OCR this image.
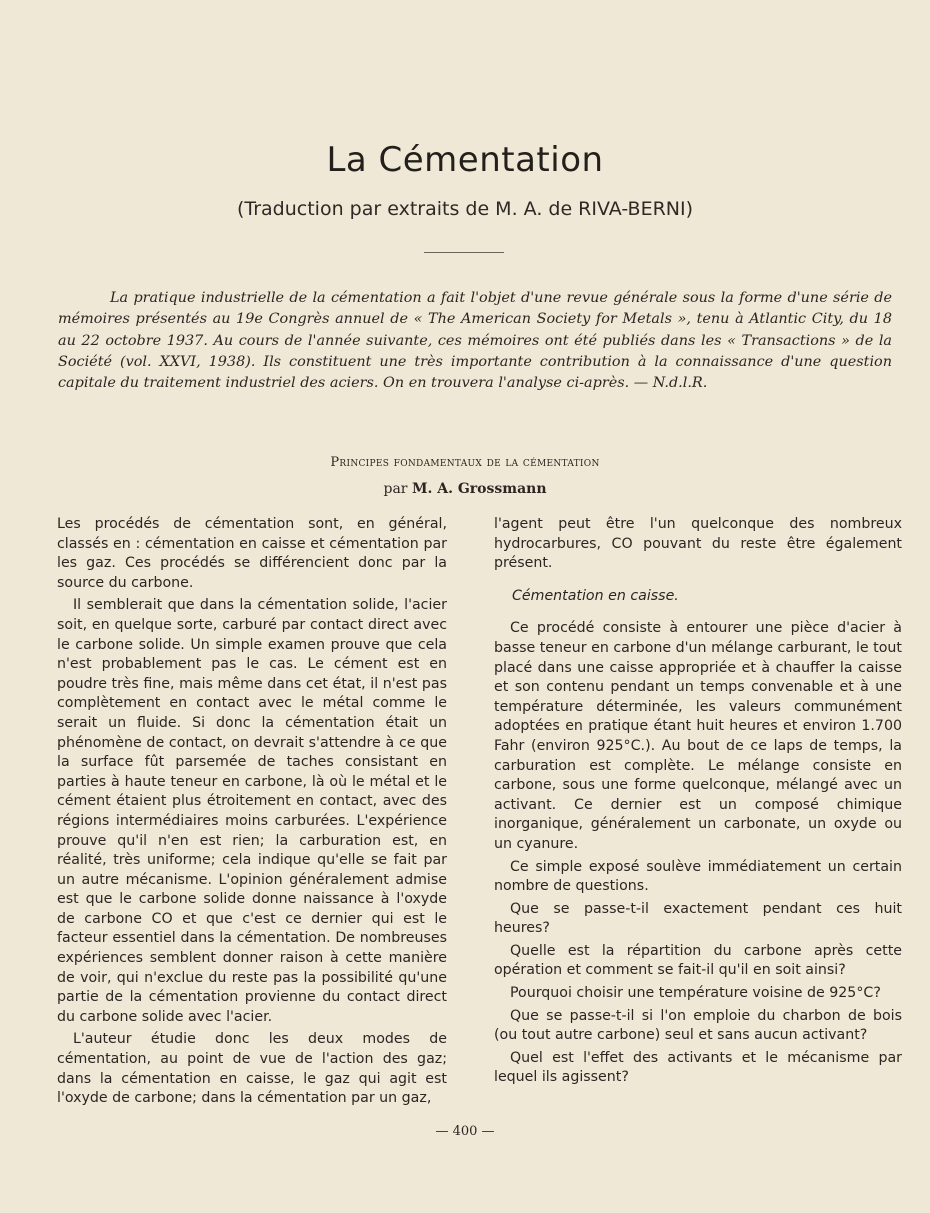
La Cémentation

(Traduction par extraits de M. A. de RIVA-BERNI)

La pratique industrielle de la cémentation a fait l'objet d'une revue générale sous la forme d'une série de mémoires présentés au 19e Congrès annuel de « The American Society for Metals », tenu à Atlantic City, du 18 au 22 octobre 1937. Au cours de l'année suivante, ces mémoires ont été publiés dans les « Transactions » de la Société (vol. XXVI, 1938). Ils constituent une très importante contribution à la connaissance d'une question capitale du traitement industriel des aciers. On en trouvera l'analyse ci-après. — N.d.l.R.

Principes fondamentaux de la cémentation

par M. A. Grossmann

Les procédés de cémentation sont, en général, classés en : cémentation en caisse et cémentation par les gaz. Ces procédés se différencient donc par la source du carbone.

Il semblerait que dans la cémentation solide, l'acier soit, en quelque sorte, carburé par contact direct avec le carbone solide. Un simple examen prouve que cela n'est probablement pas le cas. Le cément est en poudre très fine, mais même dans cet état, il n'est pas complètement en contact avec le métal comme le serait un fluide. Si donc la cémentation était un phénomène de contact, on devrait s'attendre à ce que la surface fût parsemée de taches consistant en parties à haute teneur en carbone, là où le métal et le cément étaient plus étroitement en contact, avec des régions intermédiaires moins carburées. L'expérience prouve qu'il n'en est rien; la carburation est, en réalité, très uniforme; cela indique qu'elle se fait par un autre mécanisme. L'opinion généralement admise est que le carbone solide donne naissance à l'oxyde de carbone CO et que c'est ce dernier qui est le facteur essentiel dans la cémentation. De nombreuses expériences semblent donner raison à cette manière de voir, qui n'exclue du reste pas la possibilité qu'une partie de la cémentation provienne du contact direct du carbone solide avec l'acier.

L'auteur étudie donc les deux modes de cémentation, au point de vue de l'action des gaz; dans la cémentation en caisse, le gaz qui agit est l'oxyde de carbone; dans la cémentation par un gaz,

l'agent peut être l'un quelconque des nombreux hydrocarbures, CO pouvant du reste être également présent.

Cémentation en caisse.

Ce procédé consiste à entourer une pièce d'acier à basse teneur en carbone d'un mélange carburant, le tout placé dans une caisse appropriée et à chauffer la caisse et son contenu pendant un temps convenable et à une température déterminée, les valeurs communément adoptées en pratique étant huit heures et environ 1.700 Fahr (environ 925°C.). Au bout de ce laps de temps, la carburation est complète. Le mélange consiste en carbone, sous une forme quelconque, mélangé avec un activant. Ce dernier est un composé chimique inorganique, généralement un carbonate, un oxyde ou un cyanure.

Ce simple exposé soulève immédiatement un certain nombre de questions.

Que se passe-t-il exactement pendant ces huit heures?

Quelle est la répartition du carbone après cette opération et comment se fait-il qu'il en soit ainsi?

Pourquoi choisir une température voisine de 925°C?

Que se passe-t-il si l'on emploie du charbon de bois (ou tout autre carbone) seul et sans aucun activant?

Quel est l'effet des activants et le mécanisme par lequel ils agissent?

— 400 —
